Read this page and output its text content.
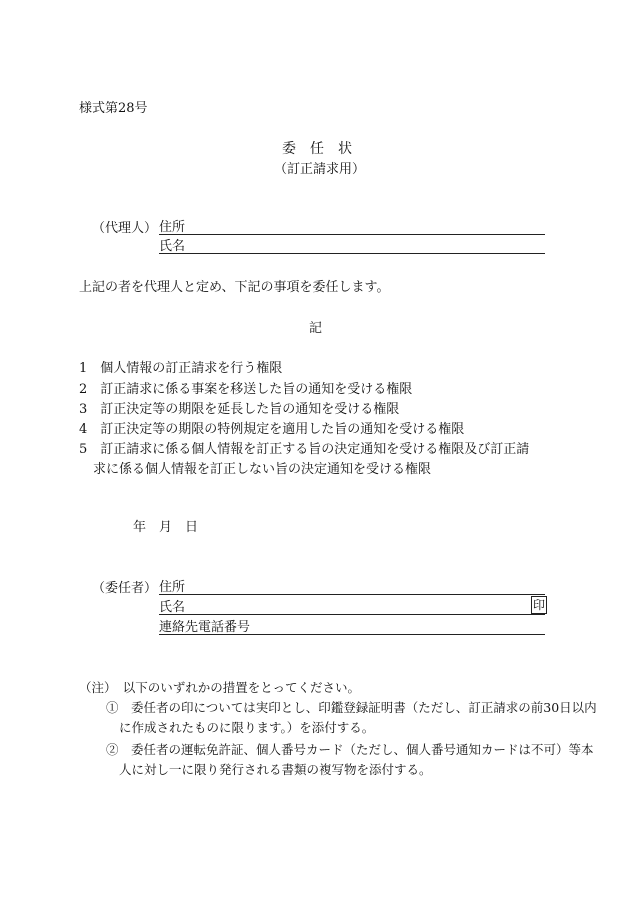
様式第28号
委　任　状
（訂正請求用）
（代理人） 住所
氏名
上記の者を代理人と定め、下記の事項を委任します。
記
1　個人情報の訂正請求を行う権限
2　訂正請求に係る事案を移送した旨の通知を受ける権限
3　訂正決定等の期限を延長した旨の通知を受ける権限
4　訂正決定等の期限の特例規定を適用した旨の通知を受ける権限
5　訂正請求に係る個人情報を訂正する旨の決定通知を受ける権限及び訂正請
求に係る個人情報を訂正しない旨の決定通知を受ける権限
年　月　日
（委任者） 住所
氏名	印
連絡先電話番号
（注）　以下のいずれかの措置をとってください。
①　委任者の印については実印とし、印鑑登録証明書（ただし、訂正請求の前30日以内
に作成されたものに限ります。）を添付する。
②　委任者の運転免許証、個人番号カード（ただし、個人番号通知カードは不可）等本
人に対し一に限り発行される書類の複写物を添付する。
